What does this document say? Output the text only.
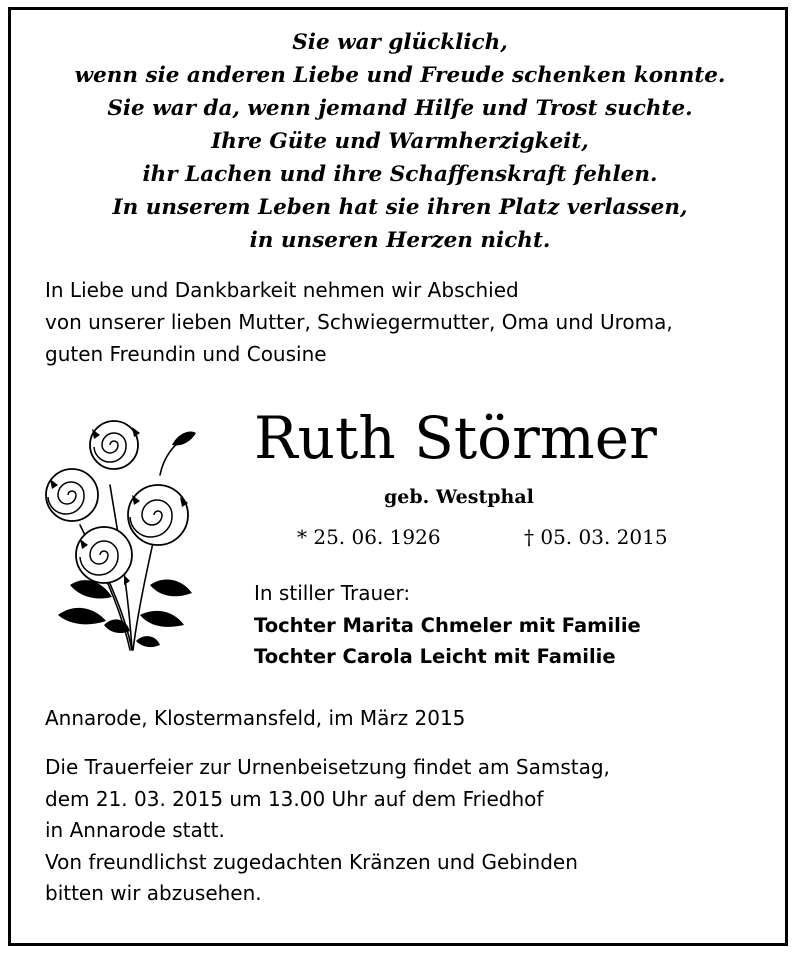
Sie war glücklich,
wenn sie anderen Liebe und Freude schenken konnte.
Sie war da, wenn jemand Hilfe und Trost suchte.
Ihre Güte und Warmherzigkeit,
ihr Lachen und ihre Schaffenskraft fehlen.
In unserem Leben hat sie ihren Platz verlassen,
in unseren Herzen nicht.
In Liebe und Dankbarkeit nehmen wir Abschied
von unserer lieben Mutter, Schwiegermutter, Oma und Uroma,
guten Freundin und Cousine
Ruth Störmer
geb. Westphal
* 25. 06. 1926	† 05. 03. 2015
In stiller Trauer:
Tochter Marita Chmeler mit Familie
Tochter Carola Leicht mit Familie
Annarode, Klostermansfeld, im März 2015
Die Trauerfeier zur Urnenbeisetzung findet am Samstag,
dem 21. 03. 2015 um 13.00 Uhr auf dem Friedhof
in Annarode statt.
Von freundlichst zugedachten Kränzen und Gebinden
bitten wir abzusehen.
